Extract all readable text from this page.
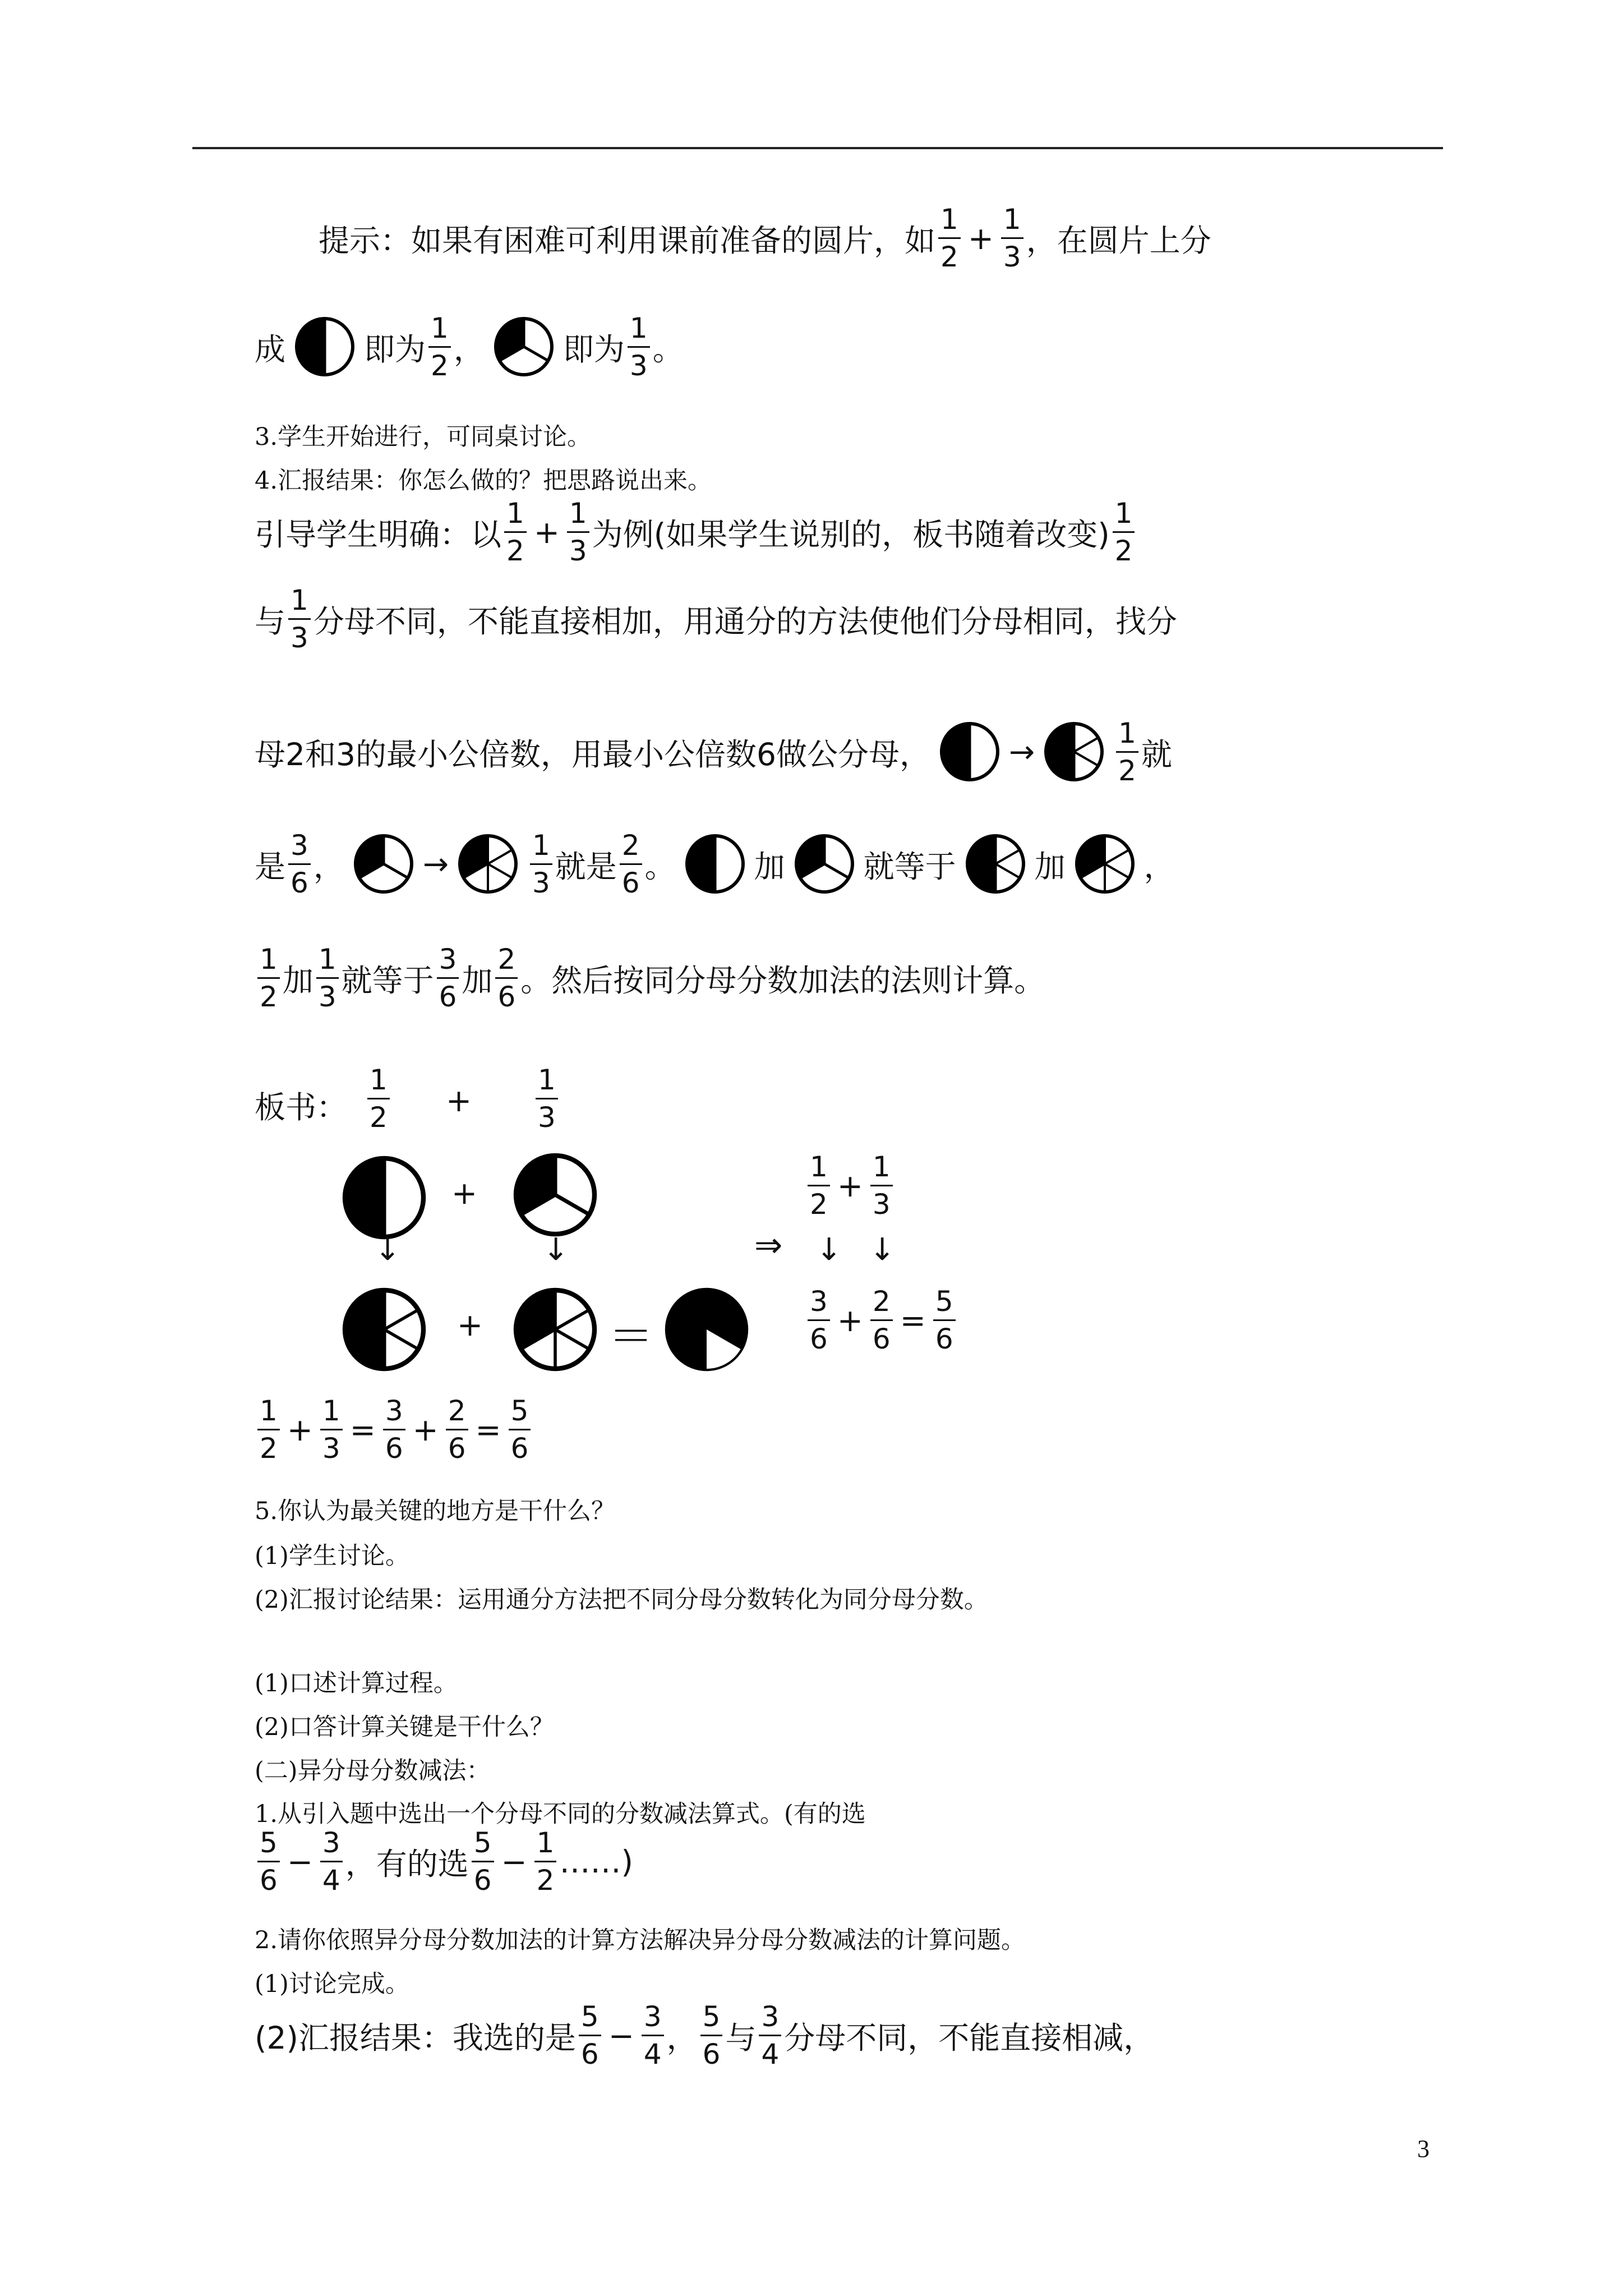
提示：如果有困难可利用课前准备的圆片，如 $\frac{1}{2} + \frac{1}{3}$ ，在圆片上分
成	即为 $\frac{1}{2}$ ，	即为 $\frac{1}{3}$ 。
3.学生开始进行，可同桌讨论。
4.汇报结果：你怎么做的？把思路说出来。
引导学生明确：以 $\frac{1}{2} + \frac{1}{3}$ 为例(如果学生说别的，板书随着改变) $\frac{1}{2}$
与 $\frac{1}{3}$ 分母不同，不能直接相加，用通分的方法使他们分母相同，找分
母2和3的最小公倍数，用最小公倍数6做公分母，	→	$\frac{1}{2}$ 就
是 $\frac{3}{6}$ ，	→	$\frac{1}{3}$ 就是 $\frac{2}{6}$ 。	加	就等于	加	，
$\frac{1}{2}$ 加 $\frac{1}{3}$ 就等于 $\frac{3}{6}$ 加 $\frac{2}{6}$ 。然后按同分母分数加法的法则计算。
板书： $\frac{1}{2} + \frac{1}{3}$
+
↓	↓
+	＝
⇒
$\frac{1}{2} + \frac{1}{3}$
↓ ↓
$\frac{3}{6} + \frac{2}{6} = \frac{5}{6}$
$\frac{1}{2} + \frac{1}{3} = \frac{3}{6} + \frac{2}{6} = \frac{5}{6}$
5.你认为最关键的地方是干什么？
(1)学生讨论。
(2)汇报讨论结果：运用通分方法把不同分母分数转化为同分母分数。
(1)口述计算过程。
(2)口答计算关键是干什么？
(二)异分母分数减法：
1.从引入题中选出一个分母不同的分数减法算式。(有的选
$\frac{5}{6} - \frac{3}{4}$ ，有的选 $\frac{5}{6} - \frac{1}{2}$ ……)
2.请你依照异分母分数加法的计算方法解决异分母分数减法的计算问题。
(1)讨论完成。
(2)汇报结果：我选的是 $\frac{5}{6} - \frac{3}{4}$ ， $\frac{5}{6}$ 与 $\frac{3}{4}$ 分母不同，不能直接相减，
3
